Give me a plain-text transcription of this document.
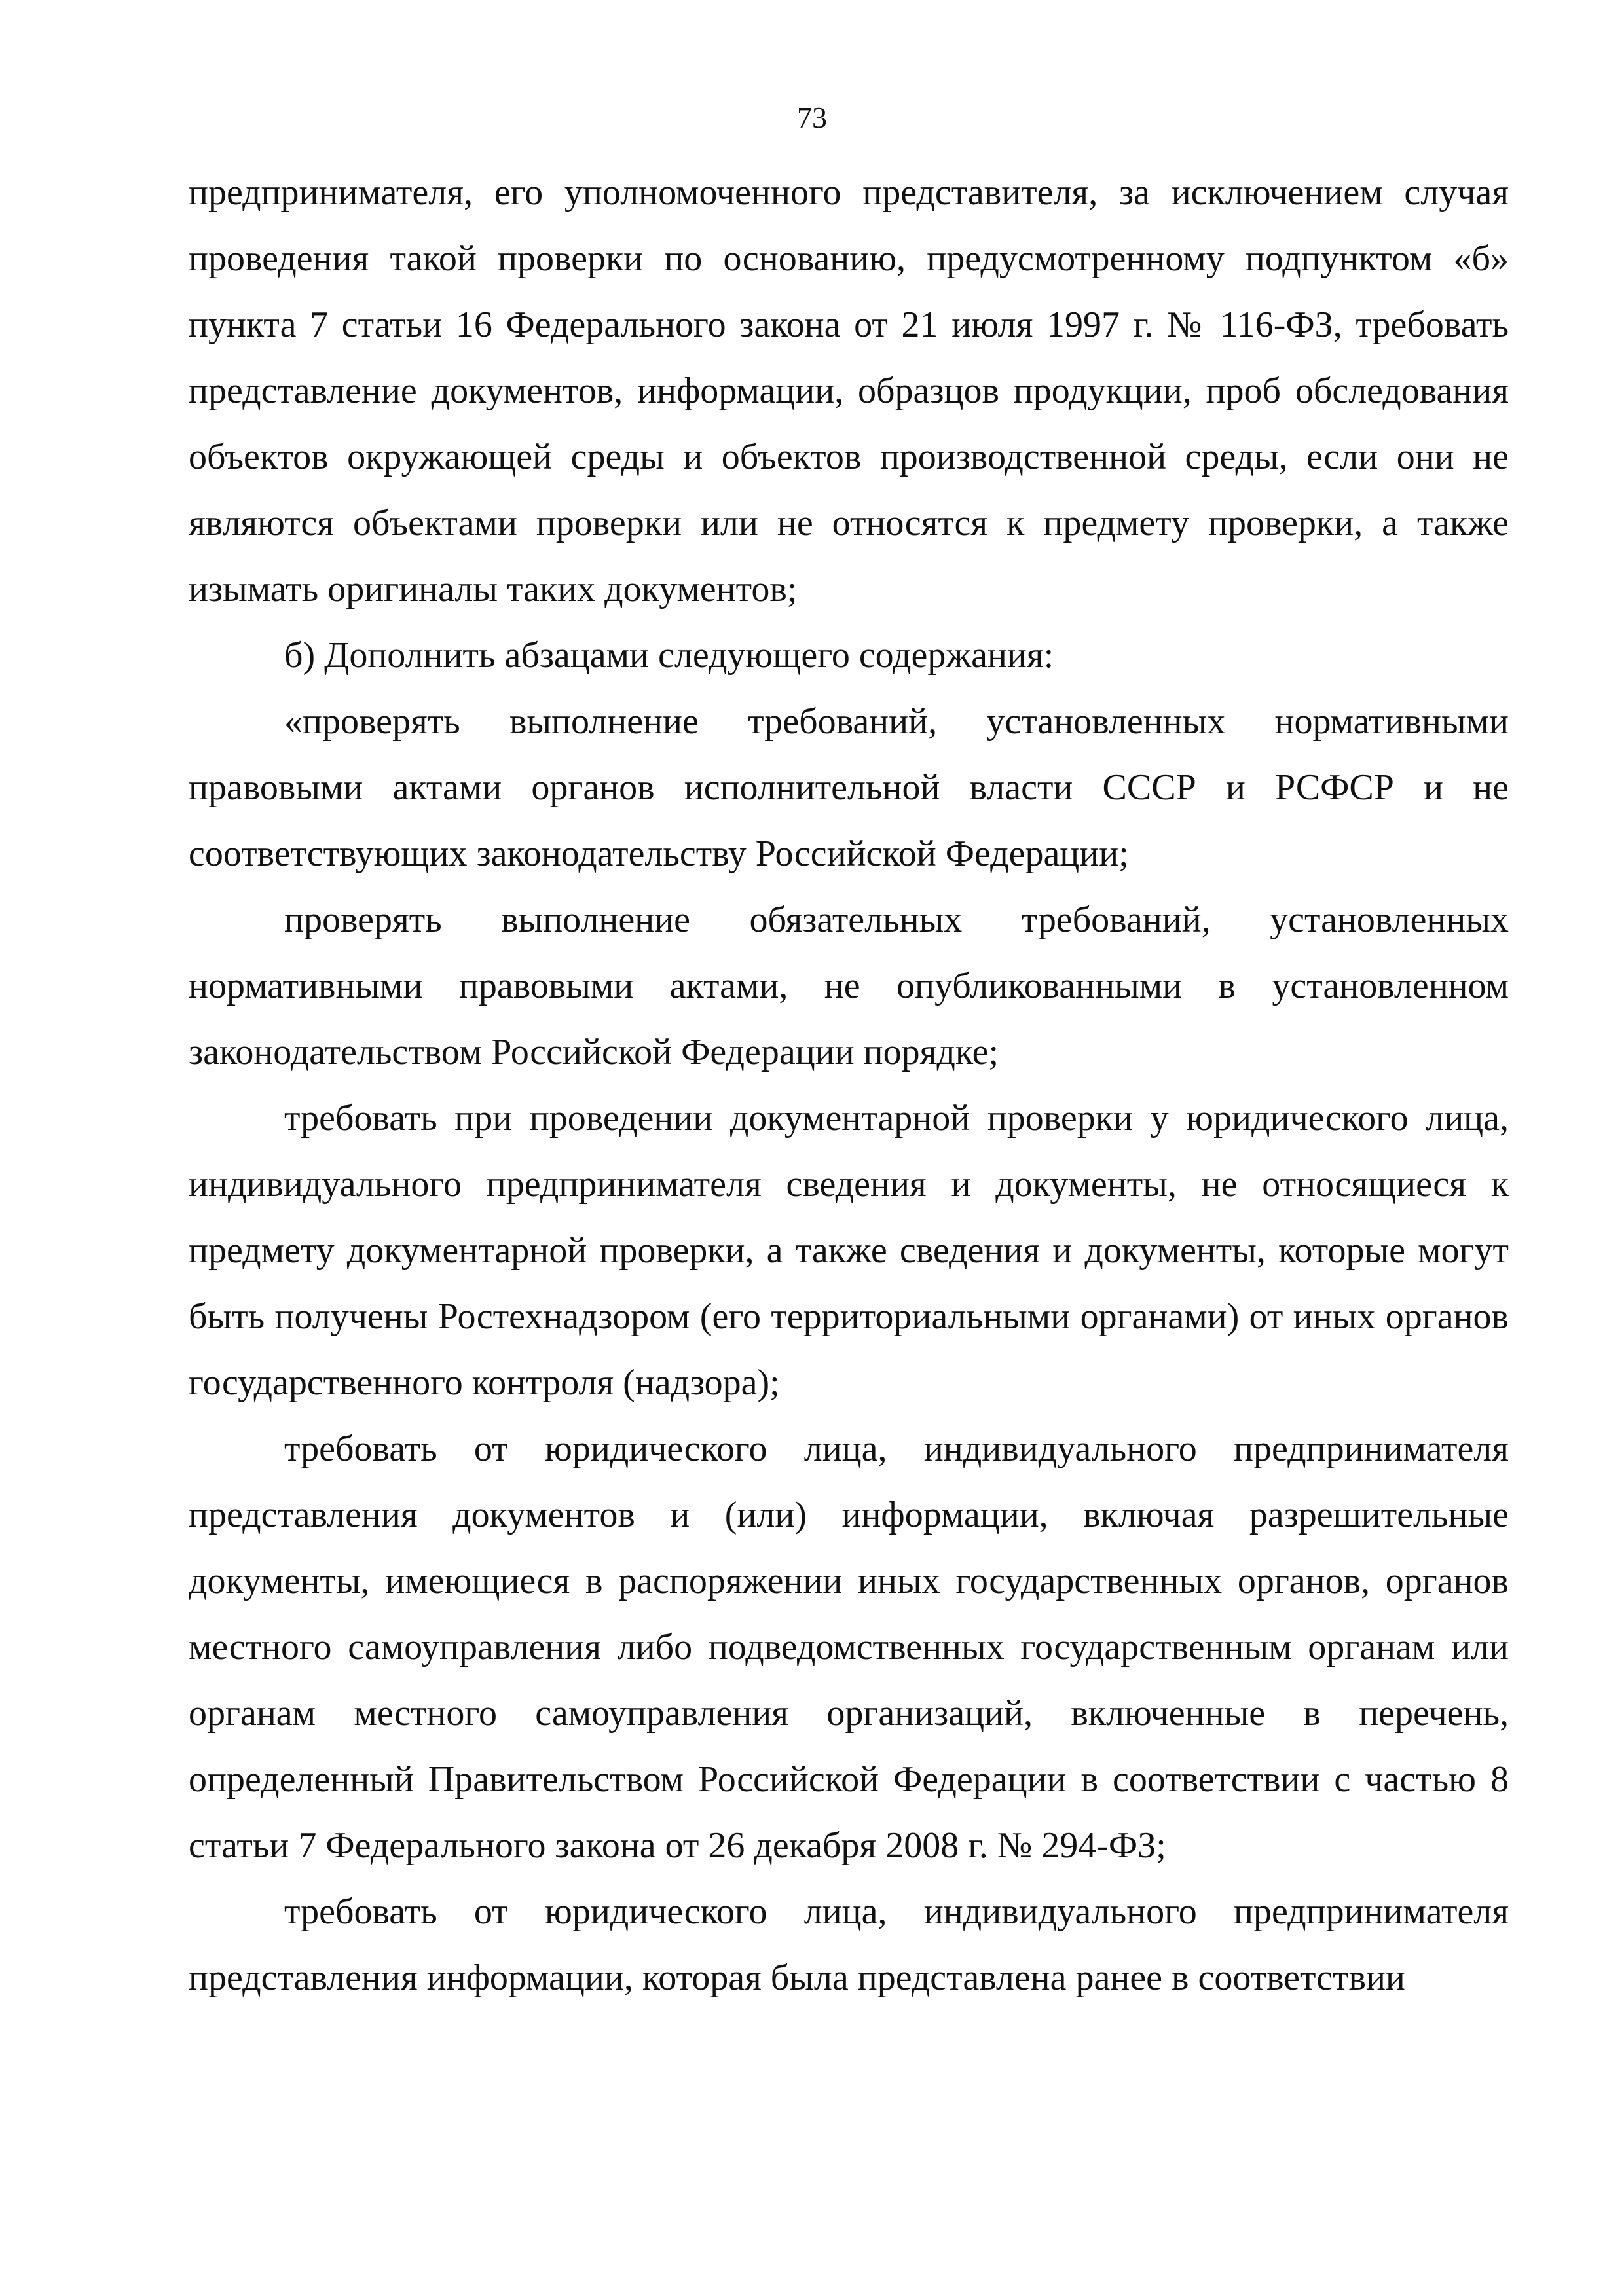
73

предпринимателя, его уполномоченного представителя, за исключением случая проведения такой проверки по основанию, предусмотренному подпунктом «б» пункта 7 статьи 16 Федерального закона от 21 июля 1997 г. № 116-ФЗ, требовать представление документов, информации, образцов продукции, проб обследования объектов окружающей среды и объектов производственной среды, если они не являются объектами проверки или не относятся к предмету проверки, а также изымать оригиналы таких документов;

б) Дополнить абзацами следующего содержания:

«проверять выполнение требований, установленных нормативными правовыми актами органов исполнительной власти СССР и РСФСР и не соответствующих законодательству Российской Федерации;

проверять выполнение обязательных требований, установленных нормативными правовыми актами, не опубликованными в установленном законодательством Российской Федерации порядке;

требовать при проведении документарной проверки у юридического лица, индивидуального предпринимателя сведения и документы, не относящиеся к предмету документарной проверки, а также сведения и документы, которые могут быть получены Ростехнадзором (его территориальными органами) от иных органов государственного контроля (надзора);

требовать от юридического лица, индивидуального предпринимателя представления документов и (или) информации, включая разрешительные документы, имеющиеся в распоряжении иных государственных органов, органов местного самоуправления либо подведомственных государственным органам или органам местного самоуправления организаций, включенные в перечень, определенный Правительством Российской Федерации в соответствии с частью 8 статьи 7 Федерального закона от 26 декабря 2008 г. № 294-ФЗ;

требовать от юридического лица, индивидуального предпринимателя представления информации, которая была представлена ранее в соответствии
